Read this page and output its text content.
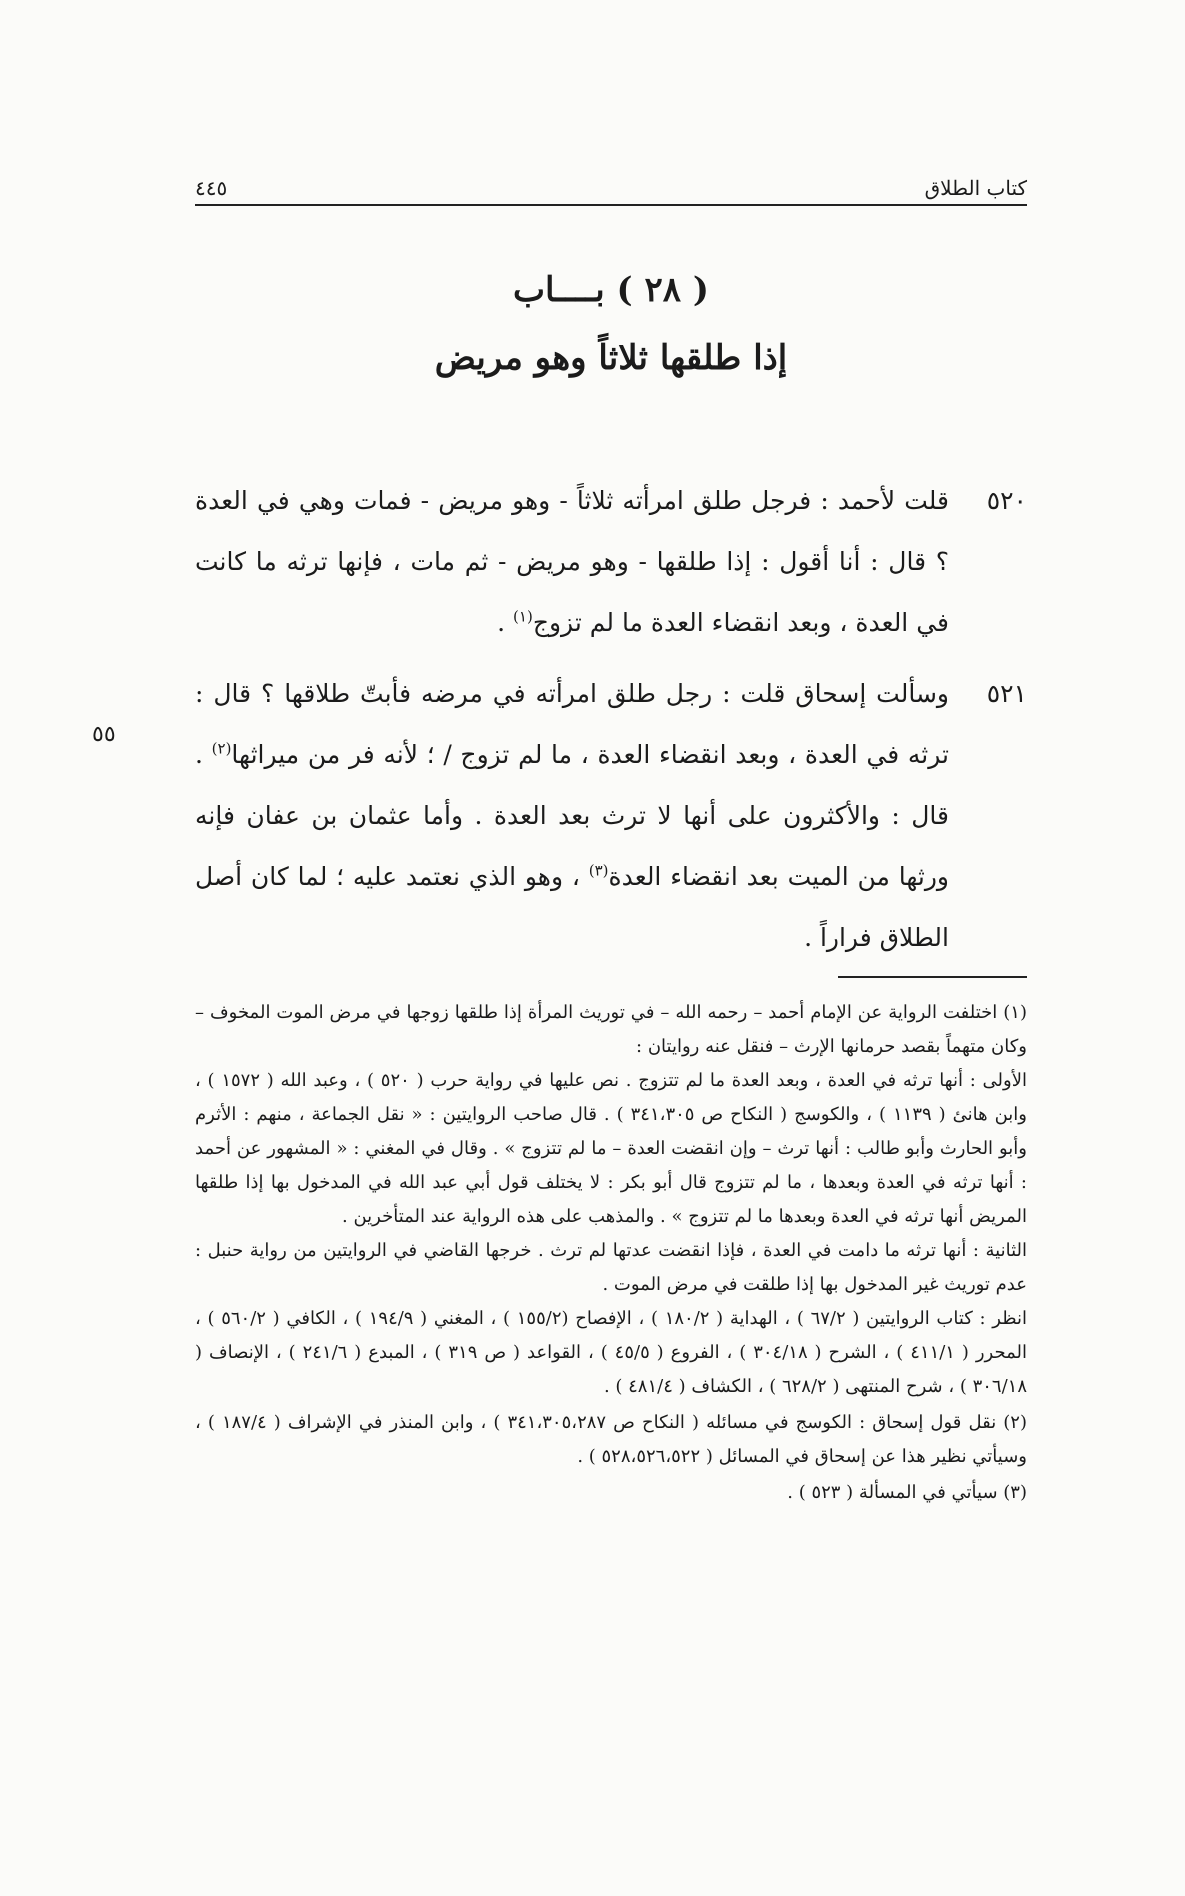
كتاب الطلاق
٤٤٥
( ٢٨ ) بــــاب
إذا طلقها ثلاثاً وهو مريض
٥٥
٥٢٠
قلت لأحمد : فرجل طلق امرأته ثلاثاً - وهو مريض - فمات وهي في العدة ؟ قال : أنا أقول : إذا طلقها - وهو مريض - ثم مات ، فإنها ترثه ما كانت في العدة ، وبعد انقضاء العدة ما لم تزوج$^{(١)}$ .
٥٢١
وسألت إسحاق قلت : رجل طلق امرأته في مرضه فأبتّ طلاقها ؟ قال : ترثه في العدة ، وبعد انقضاء العدة ، ما لم تزوج / ؛ لأنه فر من ميراثها$^{(٢)}$ . قال : والأكثرون على أنها لا ترث بعد العدة . وأما عثمان بن عفان فإنه ورثها من الميت بعد انقضاء العدة$^{(٣)}$ ، وهو الذي نعتمد عليه ؛ لما كان أصل الطلاق فراراً .

(١) اختلفت الرواية عن الإمام أحمد – رحمه الله – في توريث المرأة إذا طلقها زوجها في مرض الموت المخوف – وكان متهماً بقصد حرمانها الإرث – فنقل عنه روايتان :

الأولى : أنها ترثه في العدة ، وبعد العدة ما لم تتزوج . نص عليها في رواية حرب ( ٥٢٠ ) ، وعبد الله ( ١٥٧٢ ) ، وابن هانئ ( ١١٣٩ ) ، والكوسج ( النكاح ص ٣٤١،٣٠٥ ) . قال صاحب الروايتين : « نقل الجماعة ، منهم : الأثرم وأبو الحارث وأبو طالب : أنها ترث – وإن انقضت العدة – ما لم تتزوج » . وقال في المغني : « المشهور عن أحمد : أنها ترثه في العدة وبعدها ، ما لم تتزوج قال أبو بكر : لا يختلف قول أبي عبد الله في المدخول بها إذا طلقها المريض أنها ترثه في العدة وبعدها ما لم تتزوج » . والمذهب على هذه الرواية عند المتأخرين .

الثانية : أنها ترثه ما دامت في العدة ، فإذا انقضت عدتها لم ترث . خرجها القاضي في الروايتين من رواية حنبل : عدم توريث غير المدخول بها إذا طلقت في مرض الموت .

انظر : كتاب الروايتين ( ٦٧/٢ ) ، الهداية ( ١٨٠/٢ ) ، الإفصاح (١٥٥/٢ ) ، المغني ( ١٩٤/٩ ) ، الكافي ( ٥٦٠/٢ ) ، المحرر ( ٤١١/١ ) ، الشرح ( ٣٠٤/١٨ ) ، الفروع ( ٤٥/٥ ) ، القواعد ( ص ٣١٩ ) ، المبدع ( ٢٤١/٦ ) ، الإنصاف ( ٣٠٦/١٨ ) ، شرح المنتهى ( ٦٢٨/٢ ) ، الكشاف ( ٤٨١/٤ ) .

(٢) نقل قول إسحاق : الكوسج في مسائله ( النكاح ص ٣٤١،٣٠٥،٢٨٧ ) ، وابن المنذر في الإشراف ( ١٨٧/٤ ) ، وسيأتي نظير هذا عن إسحاق في المسائل ( ٥٢٨،٥٢٦،٥٢٢ ) .

(٣) سيأتي في المسألة ( ٥٢٣ ) .
